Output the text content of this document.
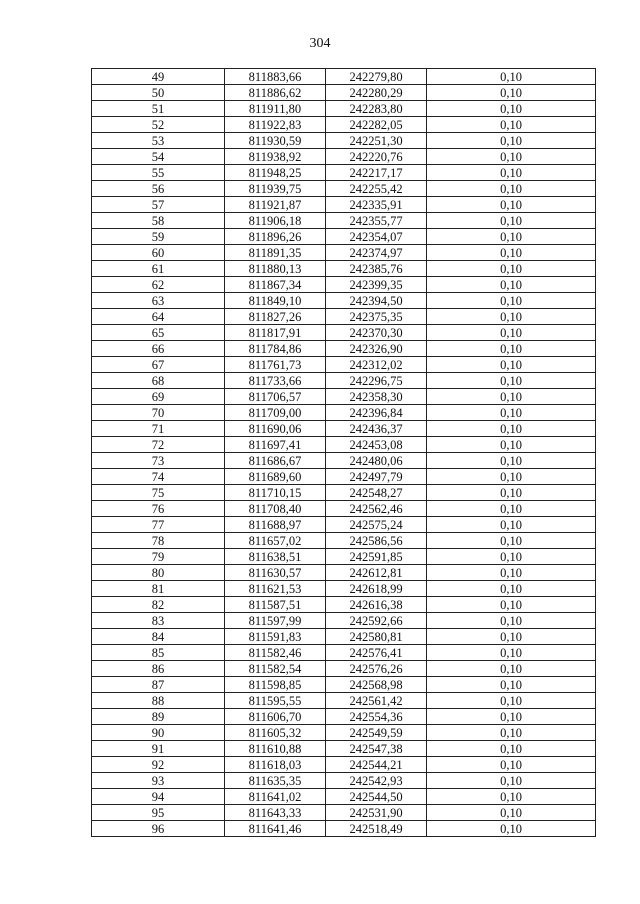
304
49	811883,66	242279,80	0,10
50	811886,62	242280,29	0,10
51	811911,80	242283,80	0,10
52	811922,83	242282,05	0,10
53	811930,59	242251,30	0,10
54	811938,92	242220,76	0,10
55	811948,25	242217,17	0,10
56	811939,75	242255,42	0,10
57	811921,87	242335,91	0,10
58	811906,18	242355,77	0,10
59	811896,26	242354,07	0,10
60	811891,35	242374,97	0,10
61	811880,13	242385,76	0,10
62	811867,34	242399,35	0,10
63	811849,10	242394,50	0,10
64	811827,26	242375,35	0,10
65	811817,91	242370,30	0,10
66	811784,86	242326,90	0,10
67	811761,73	242312,02	0,10
68	811733,66	242296,75	0,10
69	811706,57	242358,30	0,10
70	811709,00	242396,84	0,10
71	811690,06	242436,37	0,10
72	811697,41	242453,08	0,10
73	811686,67	242480,06	0,10
74	811689,60	242497,79	0,10
75	811710,15	242548,27	0,10
76	811708,40	242562,46	0,10
77	811688,97	242575,24	0,10
78	811657,02	242586,56	0,10
79	811638,51	242591,85	0,10
80	811630,57	242612,81	0,10
81	811621,53	242618,99	0,10
82	811587,51	242616,38	0,10
83	811597,99	242592,66	0,10
84	811591,83	242580,81	0,10
85	811582,46	242576,41	0,10
86	811582,54	242576,26	0,10
87	811598,85	242568,98	0,10
88	811595,55	242561,42	0,10
89	811606,70	242554,36	0,10
90	811605,32	242549,59	0,10
91	811610,88	242547,38	0,10
92	811618,03	242544,21	0,10
93	811635,35	242542,93	0,10
94	811641,02	242544,50	0,10
95	811643,33	242531,90	0,10
96	811641,46	242518,49	0,10
